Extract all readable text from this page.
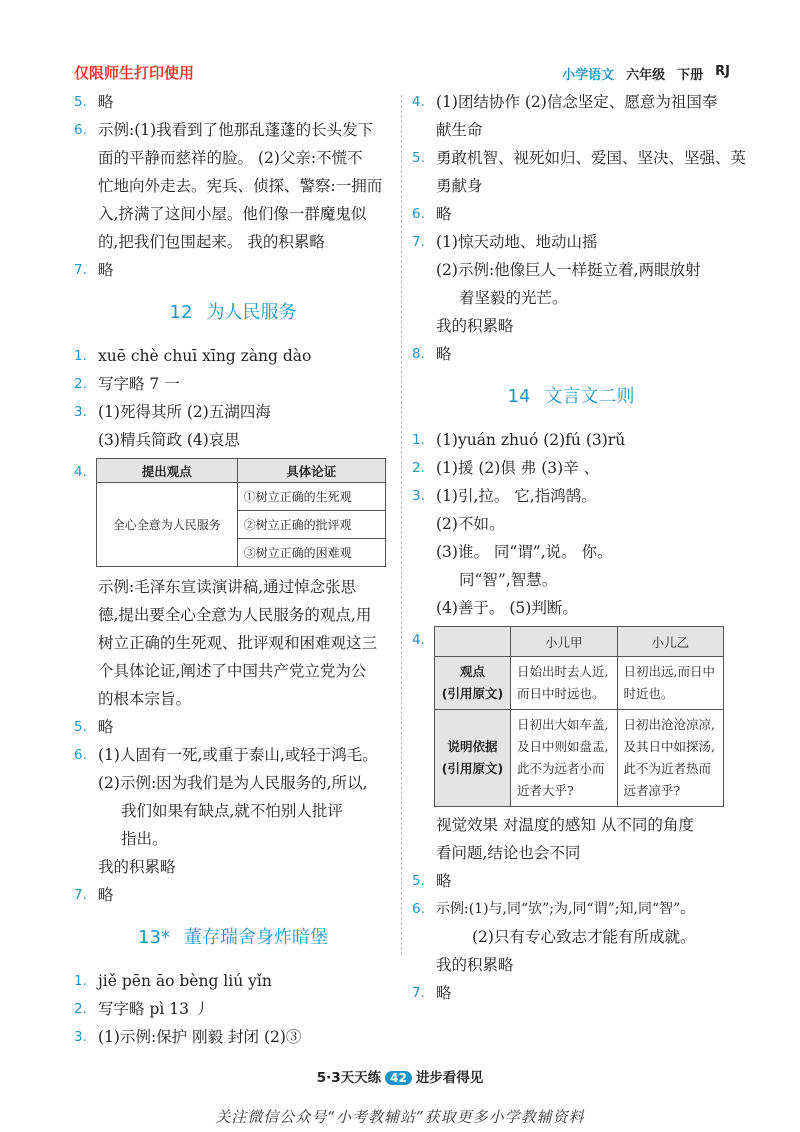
仅限师生打印使用	小学语文 六年级 下册 RJ
5. 略
6. 示例:(1)我看到了他那乱蓬蓬的长头发下
面的平静而慈祥的脸。 (2)父亲:不慌不
忙地向外走去。宪兵、侦探、警察:一拥而
入,挤满了这间小屋。他们像一群魔鬼似
的,把我们包围起来。 我的积累略
7. 略
12 为人民服务
1. xuē chè chuī xīng zàng dào
2. 写字略 7 一
3. (1)死得其所 (2)五湖四海
(3)精兵简政 (4)哀思
4.	提出观点	具体论证
全心全意为人民服务	①树立正确的生死观
	②树立正确的批评观
	③树立正确的困难观
示例:毛泽东宣读演讲稿,通过悼念张思
德,提出要全心全意为人民服务的观点,用
树立正确的生死观、批评观和困难观这三
个具体论证,阐述了中国共产党立党为公
的根本宗旨。
5. 略
6. (1)人固有一死,或重于泰山,或轻于鸿毛。
(2)示例:因为我们是为人民服务的,所以,
我们如果有缺点,就不怕别人批评
指出。
我的积累略
7. 略
13* 董存瑞舍身炸暗堡
1. jiě pēn āo bèng liú yǐn
2. 写字略 pì 13 丿
3. (1)示例:保护 刚毅 封闭 (2)③
4. (1)团结协作 (2)信念坚定、愿意为祖国奉
献生命
5. 勇敢机智、视死如归、爱国、坚决、坚强、英
勇献身
6. 略
7. (1)惊天动地、地动山摇
(2)示例:他像巨人一样挺立着,两眼放射
着坚毅的光芒。
我的积累略
8. 略
14 文言文二则
1. (1)yuán zhuó (2)fú (3)rǔ
2. (1)援 (2)俱 弗 (3)辛 、
3. (1)引,拉。 它,指鸿鹄。
(2)不如。
(3)谁。 同“谓”,说。 你。
同“智”,智慧。
(4)善于。 (5)判断。
4.
		小儿甲	小儿乙

观点
(引用原文)	日始出时去人近,而日中时远也。	日初出远,而日中时近也。

说明依据
(引用原文)	日初出大如车盖,及日中则如盘盂,此不为远者小而近者大乎?	日初出沧沧凉凉,及其日中如探汤,此不为近者热而远者凉乎?
视觉效果 对温度的感知 从不同的角度
看问题,结论也会不同
5. 略
6. 示例:(1)与,同“欤”;为,同“谓”;知,同“智”。
(2)只有专心致志才能有所成就。
我的积累略
7. 略
5·3天天练 42 进步看得见
关注微信公众号“小考教辅站”获取更多小学教辅资料
